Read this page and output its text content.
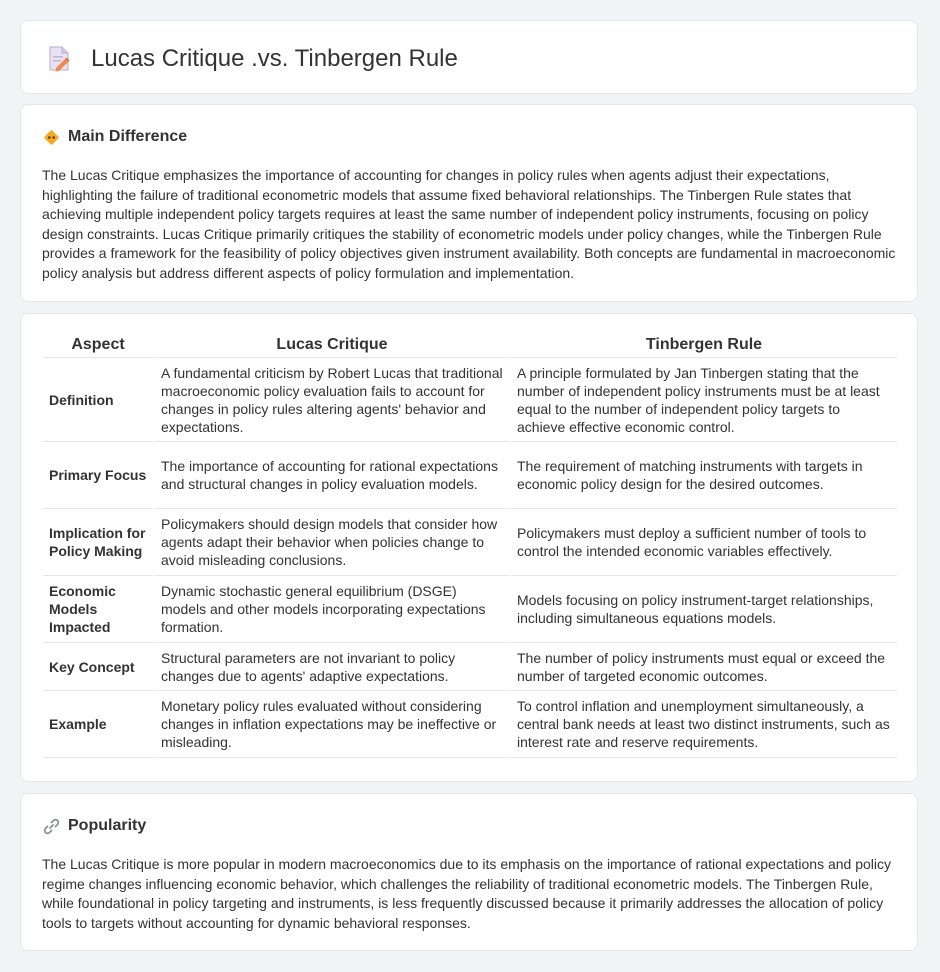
Lucas Critique .vs. Tinbergen Rule
Main Difference

The Lucas Critique emphasizes the importance of accounting for changes in policy rules when agents adjust their expectations, highlighting the failure of traditional econometric models that assume fixed behavioral relationships. The Tinbergen Rule states that achieving multiple independent policy targets requires at least the same number of independent policy instruments, focusing on policy design constraints. Lucas Critique primarily critiques the stability of econometric models under policy changes, while the Tinbergen Rule provides a framework for the feasibility of policy objectives given instrument availability. Both concepts are fundamental in macroeconomic policy analysis but address different aspects of policy formulation and implementation.

Aspect	Lucas Critique	Tinbergen Rule
Definition	A fundamental criticism by Robert Lucas that traditional macroeconomic policy evaluation fails to account for changes in policy rules altering agents' behavior and expectations.	A principle formulated by Jan Tinbergen stating that the number of independent policy instruments must be at least equal to the number of independent policy targets to achieve effective economic control.
Primary Focus	The importance of accounting for rational expectations and structural changes in policy evaluation models.	The requirement of matching instruments with targets in economic policy design for the desired outcomes.
Implication for Policy Making	Policymakers should design models that consider how agents adapt their behavior when policies change to avoid misleading conclusions.	Policymakers must deploy a sufficient number of tools to control the intended economic variables effectively.
Economic Models Impacted	Dynamic stochastic general equilibrium (DSGE) models and other models incorporating expectations formation.	Models focusing on policy instrument-target relationships, including simultaneous equations models.
Key Concept	Structural parameters are not invariant to policy changes due to agents' adaptive expectations.	The number of policy instruments must equal or exceed the number of targeted economic outcomes.
Example	Monetary policy rules evaluated without considering changes in inflation expectations may be ineffective or misleading.	To control inflation and unemployment simultaneously, a central bank needs at least two distinct instruments, such as interest rate and reserve requirements.
Popularity

The Lucas Critique is more popular in modern macroeconomics due to its emphasis on the importance of rational expectations and policy regime changes influencing economic behavior, which challenges the reliability of traditional econometric models. The Tinbergen Rule, while foundational in policy targeting and instruments, is less frequently discussed because it primarily addresses the allocation of policy tools to targets without accounting for dynamic behavioral responses.
